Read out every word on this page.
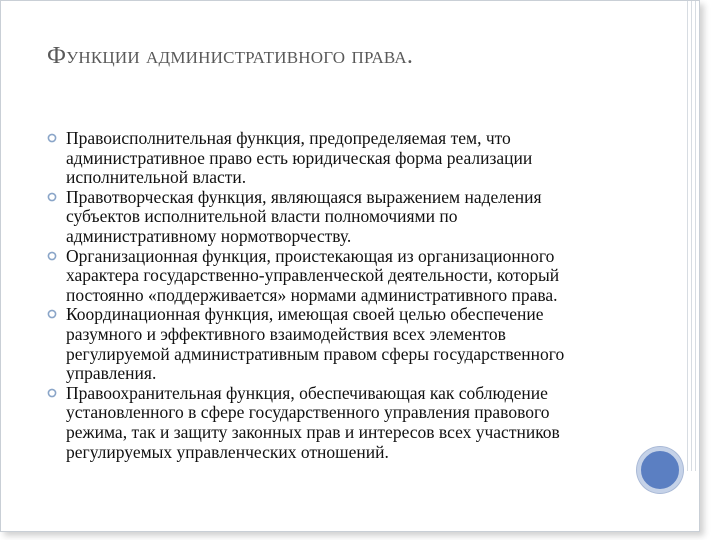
Функции административного права.
Правоисполнительная функция, предопределяемая тем, что административное право есть юридическая форма реализации исполнительной власти.
Правотворческая функция, являющаяся выражением наделения субъектов исполнительной власти полномочиями по административному нормотворчеству.
Организационная функция, проистекающая из организационного характера государственно-управленческой деятельности, который постоянно «поддерживается» нормами административного права.
Координационная функция, имеющая своей целью обеспечение разумного и эффективного взаимодействия всех элементов регулируемой административным правом сферы государственного управления.
Правоохранительная функция, обеспечивающая как соблюдение установленного в сфере государственного управления правового режима, так и защиту законных прав и интересов всех участников регулируемых управленческих отношений.
